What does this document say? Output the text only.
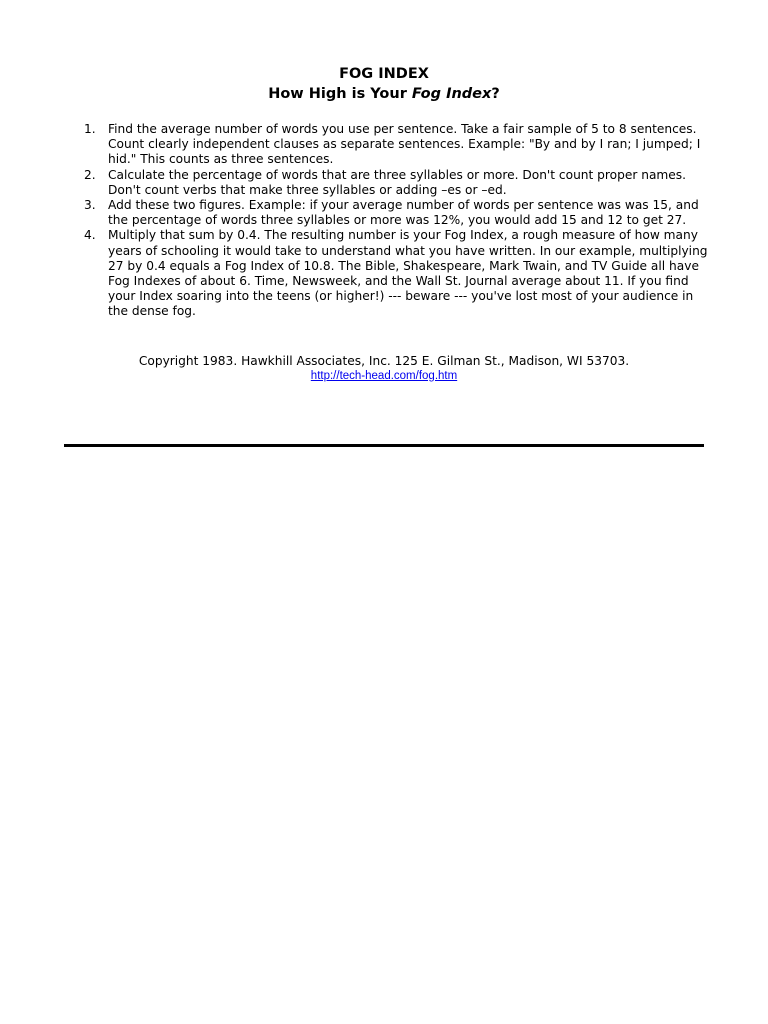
FOG INDEX
How High is Your Fog Index?
1. Find the average number of words you use per sentence. Take a fair sample of 5 to 8 sentences. Count clearly independent clauses as separate sentences. Example: "By and by I ran; I jumped; I hid." This counts as three sentences.
2. Calculate the percentage of words that are three syllables or more. Don't count proper names. Don't count verbs that make three syllables or adding –es or –ed.
3. Add these two figures. Example: if your average number of words per sentence was was 15, and the percentage of words three syllables or more was 12%, you would add 15 and 12 to get 27.
4. Multiply that sum by 0.4. The resulting number is your Fog Index, a rough measure of how many years of schooling it would take to understand what you have written. In our example, multiplying 27 by 0.4 equals a Fog Index of 10.8. The Bible, Shakespeare, Mark Twain, and TV Guide all have Fog Indexes of about 6. Time, Newsweek, and the Wall St. Journal average about 11. If you find your Index soaring into the teens (or higher!) --- beware --- you've lost most of your audience in the dense fog.

Copyright 1983. Hawkhill Associates, Inc. 125 E. Gilman St., Madison, WI 53703.

http://tech-head.com/fog.htm
